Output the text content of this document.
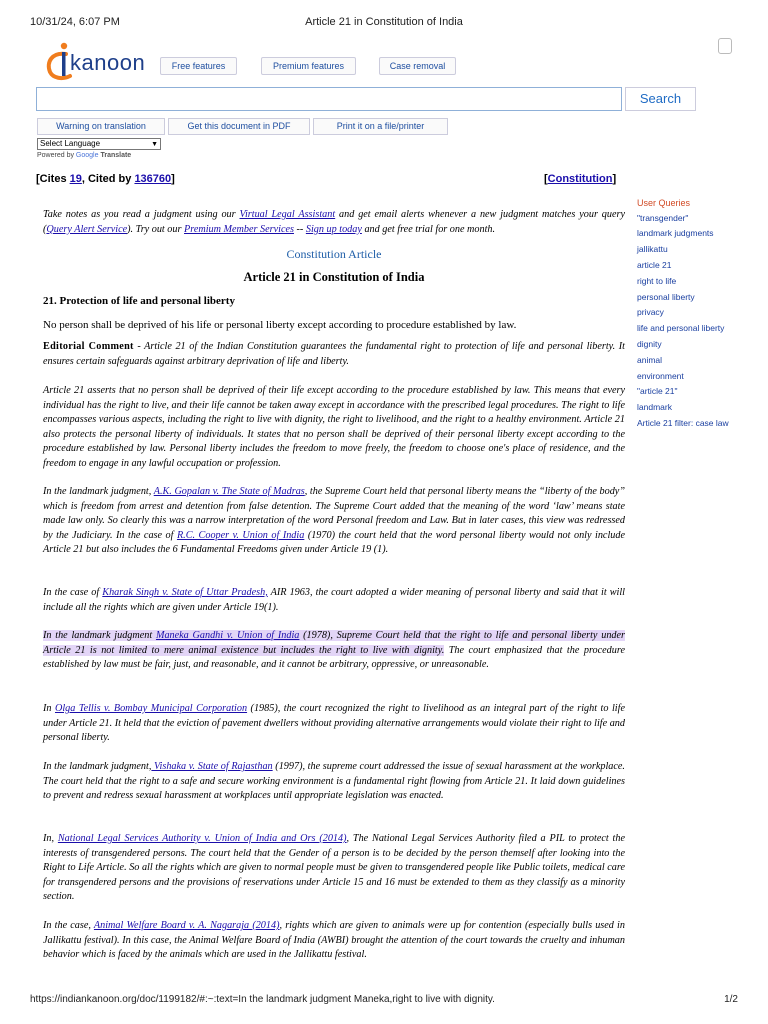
10/31/24, 6:07 PM	Article 21 in Constitution of India
kanoon	Free features	Premium features	Case removal
Search
Warning on translation	Get this document in PDF	Print it on a file/printer
Select Language	▼
Powered by Google Translate
[Cites 19, Cited by 136760]	[Constitution]
Take notes as you read a judgment using our Virtual Legal Assistant and get email alerts whenever a new judgment matches your query (Query Alert Service). Try out our Premium Member Services -- Sign up today and get free trial for one month.
Constitution Article
Article 21 in Constitution of India
21. Protection of life and personal liberty
No person shall be deprived of his life or personal liberty except according to procedure established by law.
Editorial Comment - Article 21 of the Indian Constitution guarantees the fundamental right to protection of life and personal liberty. It ensures certain safeguards against arbitrary deprivation of life and liberty.
Article 21 asserts that no person shall be deprived of their life except according to the procedure established by law. This means that every individual has the right to live, and their life cannot be taken away except in accordance with the prescribed legal procedures. The right to life encompasses various aspects, including the right to live with dignity, the right to livelihood, and the right to a healthy environment. Article 21 also protects the personal liberty of individuals. It states that no person shall be deprived of their personal liberty except according to the procedure established by law. Personal liberty includes the freedom to move freely, the freedom to choose one's place of residence, and the freedom to engage in any lawful occupation or profession.
In the landmark judgment, A.K. Gopalan v. The State of Madras, the Supreme Court held that personal liberty means the “liberty of the body” which is freedom from arrest and detention from false detention. The Supreme Court added that the meaning of the word ‘law’ means state made law only. So clearly this was a narrow interpretation of the word Personal freedom and Law. But in later cases, this view was redressed by the Judiciary. In the case of R.C. Cooper v. Union of India (1970) the court held that the word personal liberty would not only include Article 21 but also includes the 6 Fundamental Freedoms given under Article 19 (1).
In the case of Kharak Singh v. State of Uttar Pradesh, AIR 1963, the court adopted a wider meaning of personal liberty and said that it will include all the rights which are given under Article 19(1).
In the landmark judgment Maneka Gandhi v. Union of India (1978), Supreme Court held that the right to life and personal liberty under Article 21 is not limited to mere animal existence but includes the right to live with dignity. The court emphasized that the procedure established by law must be fair, just, and reasonable, and it cannot be arbitrary, oppressive, or unreasonable.
In Olga Tellis v. Bombay Municipal Corporation (1985), the court recognized the right to livelihood as an integral part of the right to life under Article 21. It held that the eviction of pavement dwellers without providing alternative arrangements would violate their right to life and personal liberty.
In the landmark judgment, Vishaka v. State of Rajasthan (1997), the supreme court addressed the issue of sexual harassment at the workplace. The court held that the right to a safe and secure working environment is a fundamental right flowing from Article 21. It laid down guidelines to prevent and redress sexual harassment at workplaces until appropriate legislation was enacted.
In, National Legal Services Authority v. Union of India and Ors (2014), The National Legal Services Authority filed a PIL to protect the interests of transgendered persons. The court held that the Gender of a person is to be decided by the person themself after looking into the Right to Life Article. So all the rights which are given to normal people must be given to transgendered people like Public toilets, medical care for transgendered persons and the provisions of reservations under Article 15 and 16 must be extended to them as they classify as a minority section.
In the case, Animal Welfare Board v. A. Nagaraja (2014), rights which are given to animals were up for contention (especially bulls used in Jallikattu festival). In this case, the Animal Welfare Board of India (AWBI) brought the attention of the court towards the cruelty and inhuman behavior which is faced by the animals which are used in the Jallikattu festival.
User Queries
"transgender"
landmark judgments
jallikattu
article 21
right to life
personal liberty
privacy
life and personal liberty
dignity
animal
environment
"article 21"
landmark
Article 21 filter: case law
https://indiankanoon.org/doc/1199182/#:~:text=In the landmark judgment Maneka,right to live with dignity.	1/2
